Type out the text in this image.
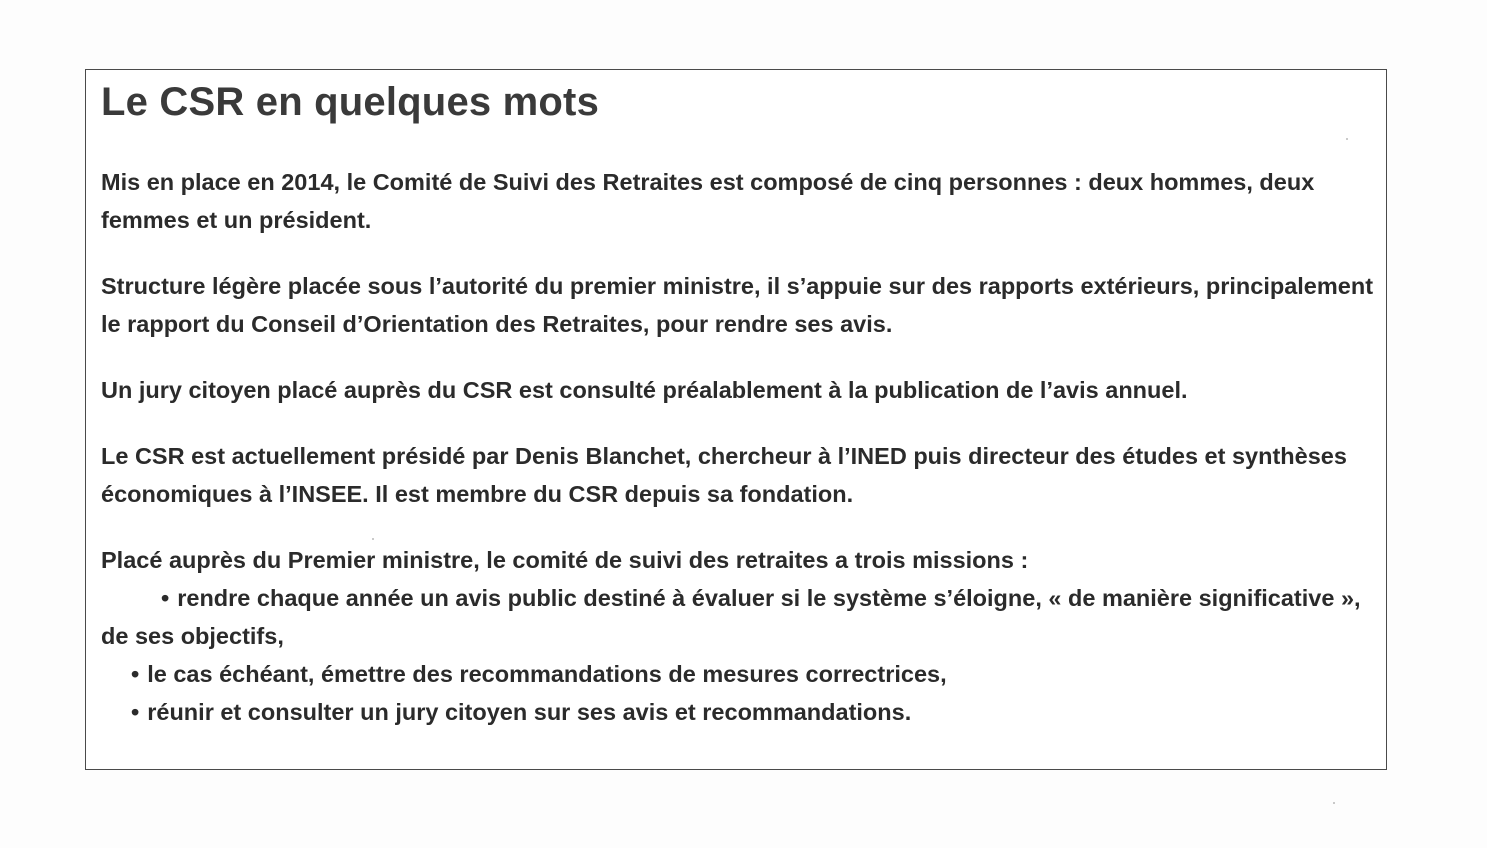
Le CSR en quelques mots

Mis en place en 2014, le Comité de Suivi des Retraites est composé de cinq personnes : deux hommes, deux femmes et un président.

Structure légère placée sous l’autorité du premier ministre, il s’appuie sur des rapports extérieurs, principalement le rapport du Conseil d’Orientation des Retraites, pour rendre ses avis.

Un jury citoyen placé auprès du CSR est consulté préalablement à la publication de l’avis annuel.

Le CSR est actuellement présidé par Denis Blanchet, chercheur à l’INED puis directeur des études et synthèses économiques à l’INSEE. Il est membre du CSR depuis sa fondation.

Placé auprès du Premier ministre, le comité de suivi des retraites a trois missions :
• rendre chaque année un avis public destiné à évaluer si le système s’éloigne, « de manière significative », de ses objectifs,
• le cas échéant, émettre des recommandations de mesures correctrices,
• réunir et consulter un jury citoyen sur ses avis et recommandations.
